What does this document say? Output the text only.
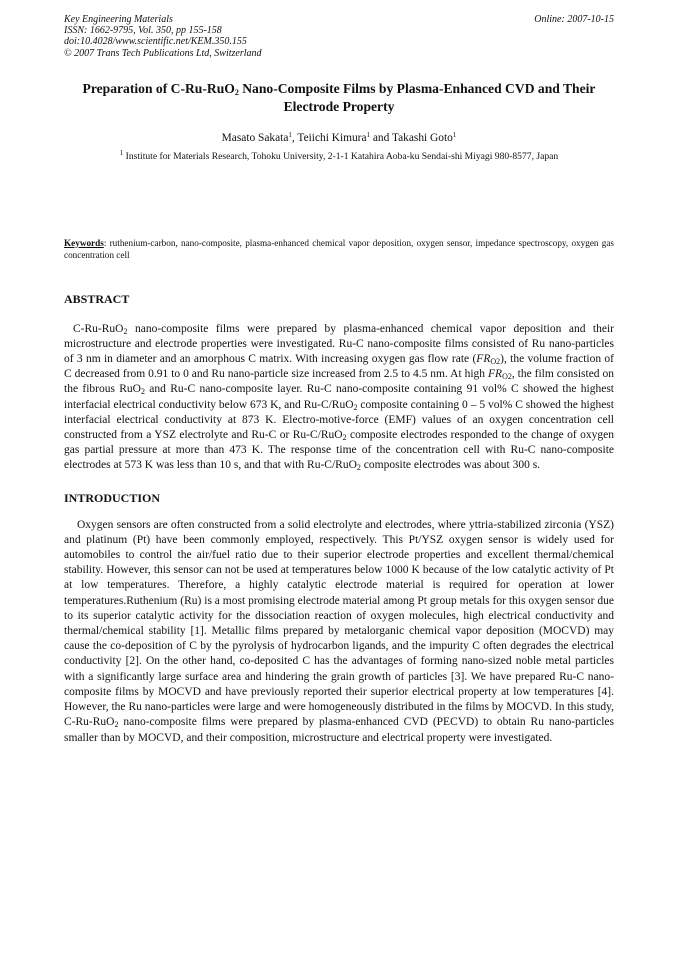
Key Engineering Materials
ISSN: 1662-9795, Vol. 350, pp 155-158
doi:10.4028/www.scientific.net/KEM.350.155
© 2007 Trans Tech Publications Ltd, Switzerland
Online: 2007-10-15
Preparation of C-Ru-RuO$_2$ Nano-Composite Films by Plasma-Enhanced CVD and Their Electrode Property
Masato Sakata$^1$, Teiichi Kimura$^1$ and Takashi Goto$^1$
$^1$ Institute for Materials Research, Tohoku University, 2-1-1 Katahira Aoba-ku Sendai-shi Miyagi 980-8577, Japan
Keywords: ruthenium-carbon, nano-composite, plasma-enhanced chemical vapor deposition, oxygen sensor, impedance spectroscopy, oxygen gas concentration cell
ABSTRACT

C-Ru-RuO$_2$ nano-composite films were prepared by plasma-enhanced chemical vapor deposition and their microstructure and electrode properties were investigated. Ru-C nano-composite films consisted of Ru nano-particles of 3 nm in diameter and an amorphous C matrix. With increasing oxygen gas flow rate $(FR_{O2})$, the volume fraction of C decreased from 0.91 to 0 and Ru nano-particle size increased from 2.5 to 4.5 nm. At high $FR_{O2}$, the film consisted on the fibrous RuO$_2$ and Ru-C nano-composite layer. Ru-C nano-composite containing 91 vol% C showed the highest interfacial electrical conductivity below 673 K, and Ru-C/RuO$_2$ composite containing 0 – 5 vol% C showed the highest interfacial electrical conductivity at 873 K. Electro-motive-force (EMF) values of an oxygen concentration cell constructed from a YSZ electrolyte and Ru-C or Ru-C/RuO$_2$ composite electrodes responded to the change of oxygen gas partial pressure at more than 473 K. The response time of the concentration cell with Ru-C nano-composite electrodes at 573 K was less than 10 s, and that with Ru-C/RuO$_2$ composite electrodes was about 300 s.

INTRODUCTION

Oxygen sensors are often constructed from a solid electrolyte and electrodes, where yttria-stabilized zirconia (YSZ) and platinum (Pt) have been commonly employed, respectively. This Pt/YSZ oxygen sensor is widely used for automobiles to control the air/fuel ratio due to their superior electrode properties and excellent thermal/chemical stability. However, this sensor can not be used at temperatures below 1000 K because of the low catalytic activity of Pt at low temperatures. Therefore, a highly catalytic electrode material is required for operation at lower temperatures.Ruthenium (Ru) is a most promising electrode material among Pt group metals for this oxygen sensor due to its superior catalytic activity for the dissociation reaction of oxygen molecules, high electrical conductivity and thermal/chemical stability [1]. Metallic films prepared by metalorganic chemical vapor deposition (MOCVD) may cause the co-deposition of C by the pyrolysis of hydrocarbon ligands, and the impurity C often degrades the electrical conductivity [2]. On the other hand, co-deposited C has the advantages of forming nano-sized noble metal particles with a significantly large surface area and hindering the grain growth of particles [3]. We have prepared Ru-C nano-composite films by MOCVD and have previously reported their superior electrical property at low temperatures [4]. However, the Ru nano-particles were large and were homogeneously distributed in the films by MOCVD. In this study, C-Ru-RuO$_2$ nano-composite films were prepared by plasma-enhanced CVD (PECVD) to obtain Ru nano-particles smaller than by MOCVD, and their composition, microstructure and electrical property were investigated.
